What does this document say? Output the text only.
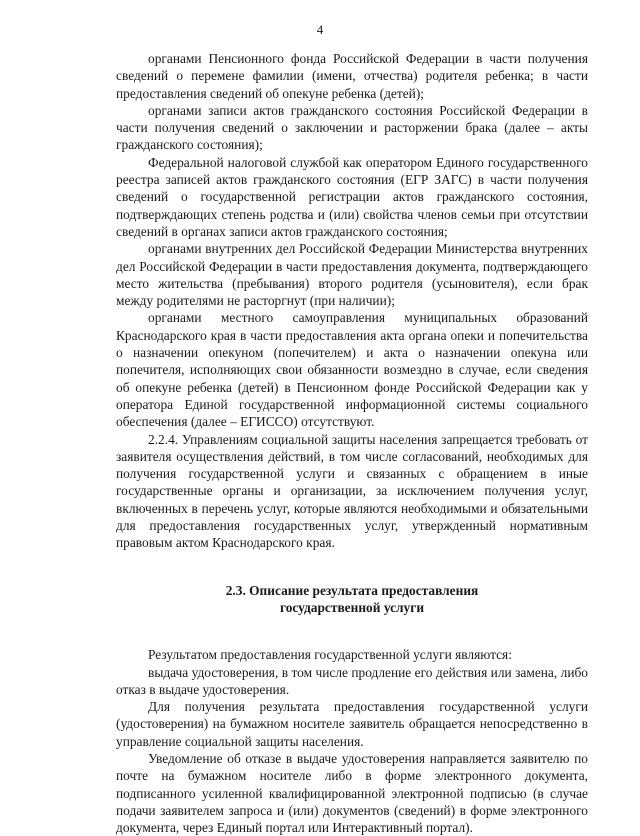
4

органами Пенсионного фонда Российской Федерации в части получения сведений о перемене фамилии (имени, отчества) родителя ребенка; в части предоставления сведений об опекуне ребенка (детей);

органами записи актов гражданского состояния Российской Федерации в части получения сведений о заключении и расторжении брака (далее – акты гражданского состояния);

Федеральной налоговой службой как оператором Единого государственного реестра записей актов гражданского состояния (ЕГР ЗАГС) в части получения сведений о государственной регистрации актов гражданского состояния, подтверждающих степень родства и (или) свойства членов семьи при отсутствии сведений в органах записи актов гражданского состояния;

органами внутренних дел Российской Федерации Министерства внутренних дел Российской Федерации в части предоставления документа, подтверждающего место жительства (пребывания) второго родителя (усыновителя), если брак между родителями не расторгнут (при наличии);

органами местного самоуправления муниципальных образований Краснодарского края в части предоставления акта органа опеки и попечительства о назначении опекуном (попечителем) и акта о назначении опекуна или попечителя, исполняющих свои обязанности возмездно в случае, если сведения об опекуне ребенка (детей) в Пенсионном фонде Российской Федерации как у оператора Единой государственной информационной системы социального обеспечения (далее – ЕГИССО) отсутствуют.

2.2.4. Управлениям социальной защиты населения запрещается требовать от заявителя осуществления действий, в том числе согласований, необходимых для получения государственной услуги и связанных с обращением в иные государственные органы и организации, за исключением получения услуг, включенных в перечень услуг, которые являются необходимыми и обязательными для предоставления государственных услуг, утвержденный нормативным правовым актом Краснодарского края.

2.3. Описание результата предоставления
государственной услуги

Результатом предоставления государственной услуги являются:

выдача удостоверения, в том числе продление его действия или замена, либо отказ в выдаче удостоверения.

Для получения результата предоставления государственной услуги (удостоверения) на бумажном носителе заявитель обращается непосредственно в управление социальной защиты населения.

Уведомление об отказе в выдаче удостоверения направляется заявителю по почте на бумажном носителе либо в форме электронного документа, подписанного усиленной квалифицированной электронной подписью (в случае подачи заявителем запроса и (или) документов (сведений) в форме электронного документа, через Единый портал или Интерактивный портал).
